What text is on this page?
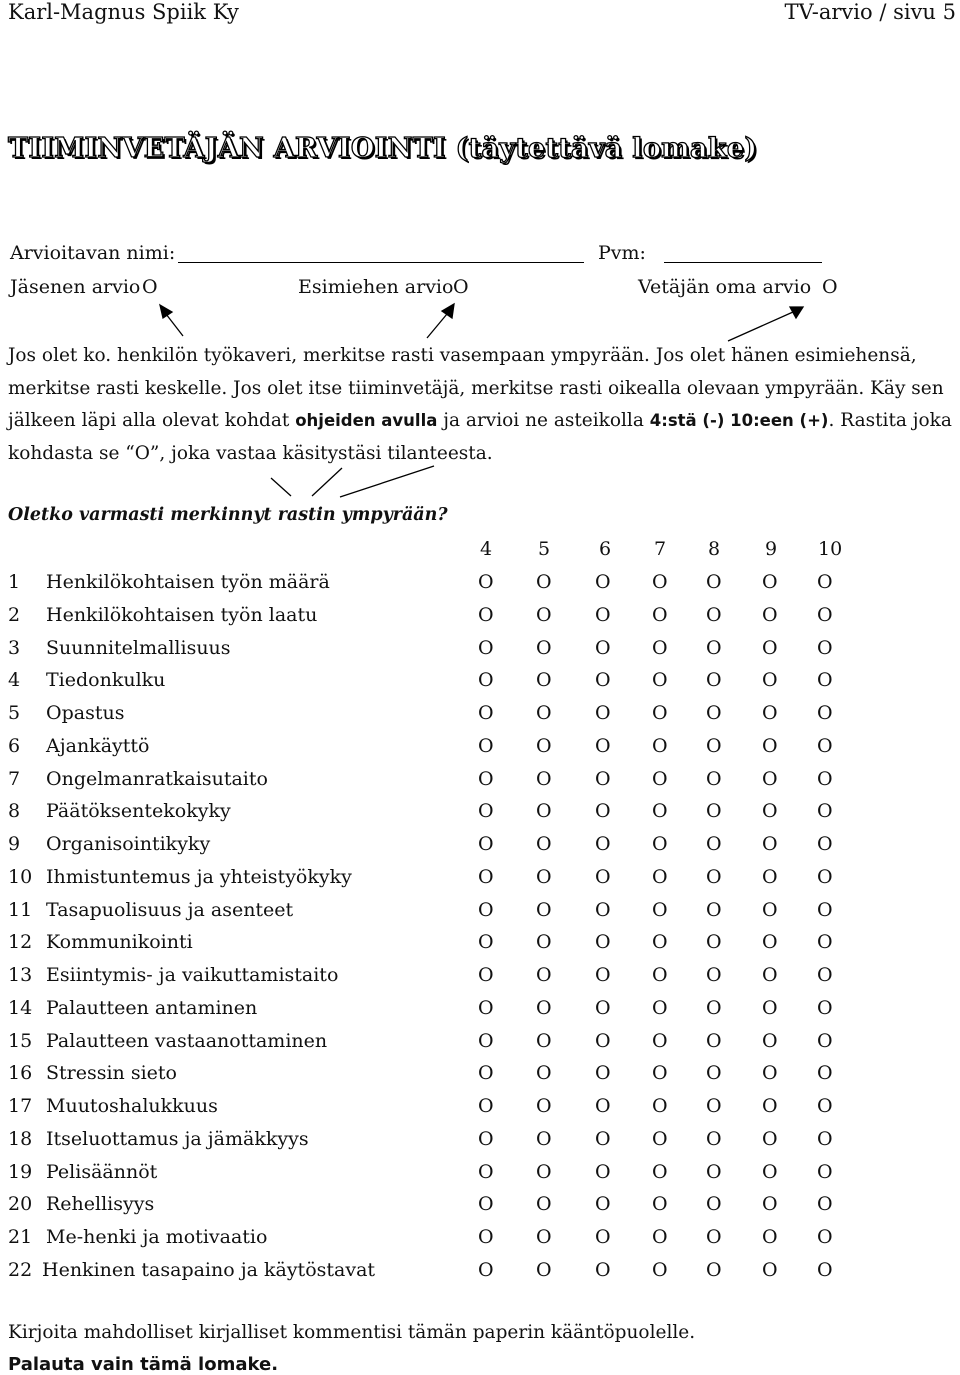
Karl-Magnus Spiik Ky	TV-arvio / sivu 5
TIIMINVETÄJÄN ARVIOINTI (täytettävä lomake)
Arvioitavan nimi:	Pvm:
Jäsenen arvio O	Esimiehen arvio O	Vetäjän oma arvio O
Jos olet ko. henkilön työkaveri, merkitse rasti vasempaan ympyrään. Jos olet hänen esimiehensä, merkitse rasti keskelle. Jos olet itse tiiminvetäjä, merkitse rasti oikealla olevaan ympyrään. Käy sen jälkeen läpi alla olevat kohdat ohjeiden avulla ja arvioi ne asteikolla 4:stä (-) 10:een (+). Rastita joka kohdasta se “O”, joka vastaa käsitystäsi tilanteesta.
Oletko varmasti merkinnyt rastin ympyrään?
4 5	6 7 8 9 10
1 Henkilökohtaisen työn määrä	O O O O O O O
2 Henkilökohtaisen työn laatu	O O O O O O O
3 Suunnitelmallisuus	O O O O O O O
4 Tiedonkulku	O O O O O O O
5 Opastus	O O O O O O O
6 Ajankäyttö	O O O O O O O
7 Ongelmanratkaisutaito	O O O O O O O
8 Päätöksentekokyky	O O O O O O O
9 Organisointikyky	O O O O O O O
10 Ihmistuntemus ja yhteistyökyky	O O O O O O O
11 Tasapuolisuus ja asenteet	O O O O O O O
12 Kommunikointi	O O O O O O O
13 Esiintymis- ja vaikuttamistaito	O O O O O O O
14 Palautteen antaminen	O O O O O O O
15 Palautteen vastaanottaminen	O O O O O O O
16 Stressin sieto	O O O O O O O
17 Muutoshalukkuus	O O O O O O O
18 Itseluottamus ja jämäkkyys	O O O O O O O
19 Pelisäännöt	O O O O O O O
20 Rehellisyys	O O O O O O O
21 Me-henki ja motivaatio	O O O O O O O
22 Henkinen tasapaino ja käytöstavat	O O O O O O O
Kirjoita mahdolliset kirjalliset kommentisi tämän paperin kääntöpuolelle.
Palauta vain tämä lomake.
